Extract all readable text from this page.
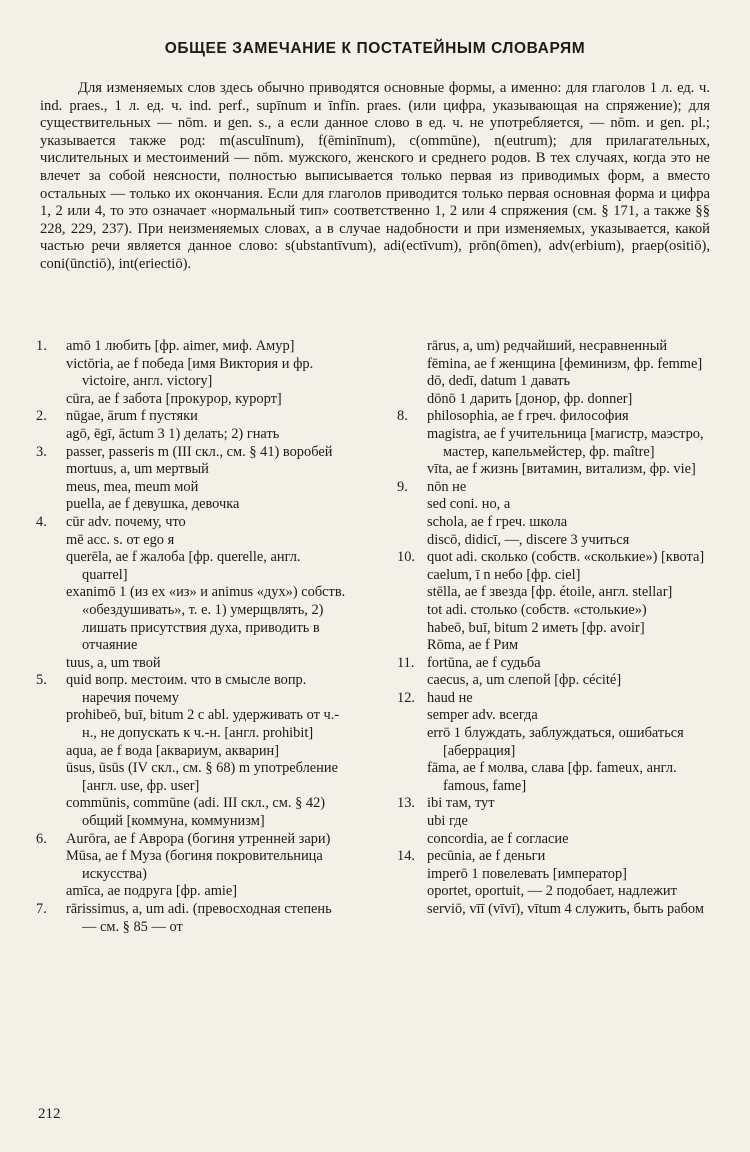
ОБЩЕЕ ЗАМЕЧАНИЕ К ПОСТАТЕЙНЫМ СЛОВАРЯМ

Для изменяемых слов здесь обычно приводятся основные формы, а именно: для глаголов 1 л. ед. ч. ind. praes., 1 л. ед. ч. ind. perf., supīnum и īnfīn. praes. (или цифра, указывающая на спряжение); для существительных — nōm. и gen. s., а если данное слово в ед. ч. не употребляется, — nōm. и gen. pl.; указывается также род: m(asculīnum), f(ēminīnum), c(ommūne), n(eutrum); для прилагательных, числительных и местоимений — nōm. мужского, женского и среднего родов. В тех случаях, когда это не влечет за собой неясности, полностью выписывается только первая из приводимых форм, а вместо остальных — только их окончания. Если для глаголов приводится только первая основная форма и цифра 1, 2 или 4, то это означает «нормальный тип» соответственно 1, 2 или 4 спряжения (см. § 171, а также §§ 228, 229, 237). При неизменяемых словах, а в случае надобности и при изменяемых, указывается, какой частью речи является данное слово: s(ubstantīvum), adi(ectīvum), prōn(ōmen), adv(erbium), praep(ositiō), coni(ūnctiō), int(eriectiō).

1. amō 1 любить [фр. aimer, миф. Амур]
victōria, ae f победа [имя Виктория и фр. victoire, англ. victory]
cūra, ae f забота [прокурор, курорт]
2. nūgae, ārum f пустяки
agō, ēgī, āctum 3 1) делать; 2) гнать
3. passer, passeris m (III скл., см. § 41) воробей
mortuus, a, um мертвый
meus, mea, meum мой
puella, ae f девушка, девочка
4. cūr adv. почему, что
mē acc. s. от ego я
querēla, ae f жалоба [фр. querelle, англ. quarrel]
exanimō 1 (из ex «из» и animus «дух») собств. «обездушивать», т. е. 1) умерщвлять, 2) лишать присутствия духа, приводить в отчаяние
tuus, a, um твой
5. quid вопр. местоим. что в смысле вопр. наречия почему
prohibeō, buī, bitum 2 с abl. удерживать от ч.-н., не допускать к ч.-н. [англ. prohibit]
aqua, ae f вода [аквариум, акварин]
ūsus, ūsūs (IV скл., см. § 68) m употребление [англ. use, фр. user]
commūnis, commūne (adi. III скл., см. § 42) общий [коммуна, коммунизм]
6. Aurōra, ae f Аврора (богиня утренней зари)
Mūsa, ae f Муза (богиня покровительница искусства)
amīca, ae подруга [фр. amie]
7. rārissimus, a, um adi. (превосходная степень — см. § 85 — от
rārus, a, um) редчайший, несравненный
fēmina, ae f женщина [феминизм, фр. femme]
dō, dedī, datum 1 давать
dōnō 1 дарить [донор, фр. donner]
8. philosophia, ae f греч. философия
magistra, ae f учительница [магистр, маэстро, мастер, капельмейстер, фр. maître]
vīta, ae f жизнь [витамин, витализм, фр. vie]
9. nōn не
sed coni. но, а
schola, ae f греч. школа
discō, didicī, —, discere 3 учиться
10. quot adi. сколько (собств. «сколькие») [квота]
caelum, ī n небо [фр. ciel]
stēlla, ae f звезда [фр. étoile, англ. stellar]
tot adi. столько (собств. «столькие»)
habeō, buī, bitum 2 иметь [фр. avoir]
Rōma, ae f Рим
11. fortūna, ae f судьба
caecus, a, um слепой [фр. cécité]
12. haud не
semper adv. всегда
errō 1 блуждать, заблуждаться, ошибаться [аберрация]
fāma, ae f молва, слава [фр. fameux, англ. famous, fame]
13. ibi там, тут
ubi где
concordia, ae f согласие
14. pecūnia, ae f деньги
imperō 1 повелевать [император]
oportet, oportuit, — 2 подобает, надлежит
serviō, vīī (vīvī), vītum 4 служить, быть рабом
212
